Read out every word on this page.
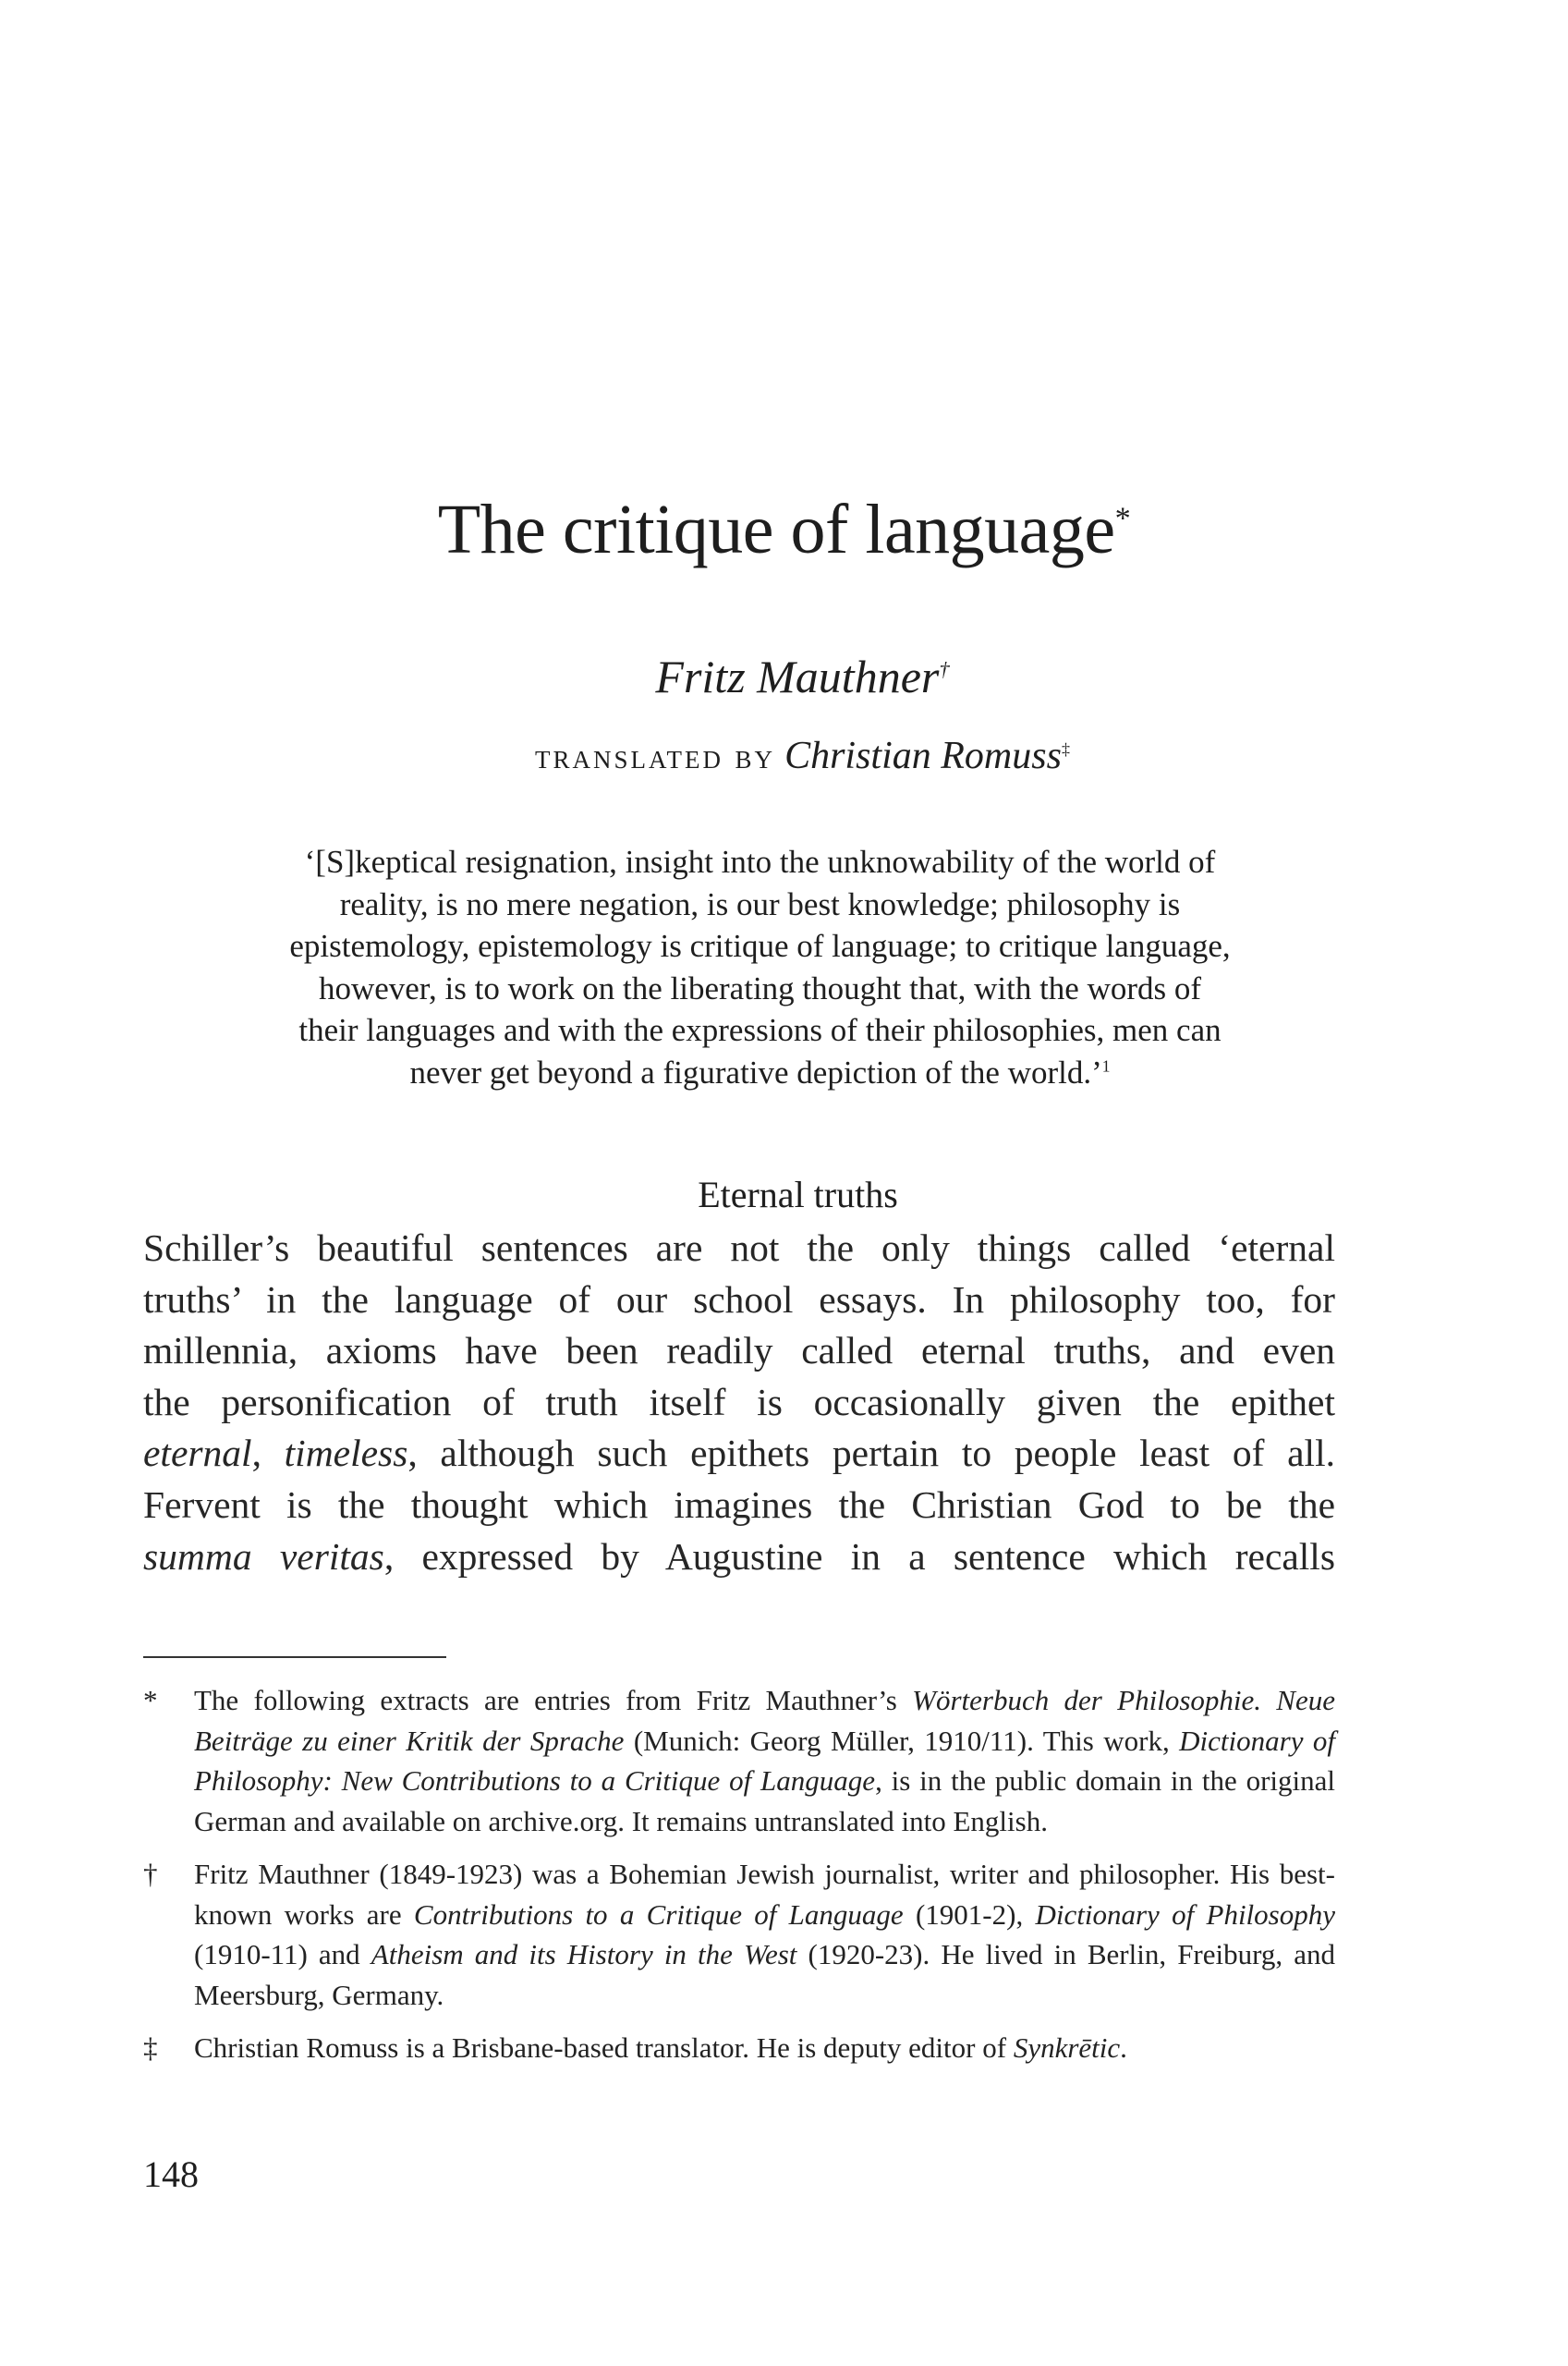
The critique of language*
Fritz Mauthner†
translated by Christian Romuss‡

‘[S]keptical resignation, insight into the unknowability of the world of

reality, is no mere negation, is our best knowledge; philosophy is

epistemology, epistemology is critique of language; to critique language,

however, is to work on the liberating thought that, with the words of

their languages and with the expressions of their philosophies, men can

never get beyond a figurative depiction of the world.’$^1$

Eternal truths
Schiller’s beautiful sentences are not the only things called ‘eternal
truths’ in the language of our school essays. In philosophy too, for
millennia, axioms have been readily called eternal truths, and even
the personification of truth itself is occasionally given the epithet
eternal, timeless, although such epithets pertain to people least of all.
Fervent is the thought which imagines the Christian God to be the
summa veritas, expressed by Augustine in a sentence which recalls

*	The following extracts are entries from Fritz Mauthner’s Wörterbuch der Philosophie. Neue Beiträge zu einer Kritik der Sprache (Munich: Georg Müller, 1910/11). This work, Dictionary of Philosophy: New Contributions to a Critique of Language, is in the public domain in the original German and available on archive.org. It remains untranslated into English.

†	Fritz Mauthner (1849-1923) was a Bohemian Jewish journalist, writer and philosopher. His best-known works are Contributions to a Critique of Language (1901-2), Dictionary of Philosophy (1910-11) and Atheism and its History in the West (1920-23). He lived in Berlin, Freiburg, and Meersburg, Germany.

‡	Christian Romuss is a Brisbane-based translator. He is deputy editor of Synkrētic.

148
